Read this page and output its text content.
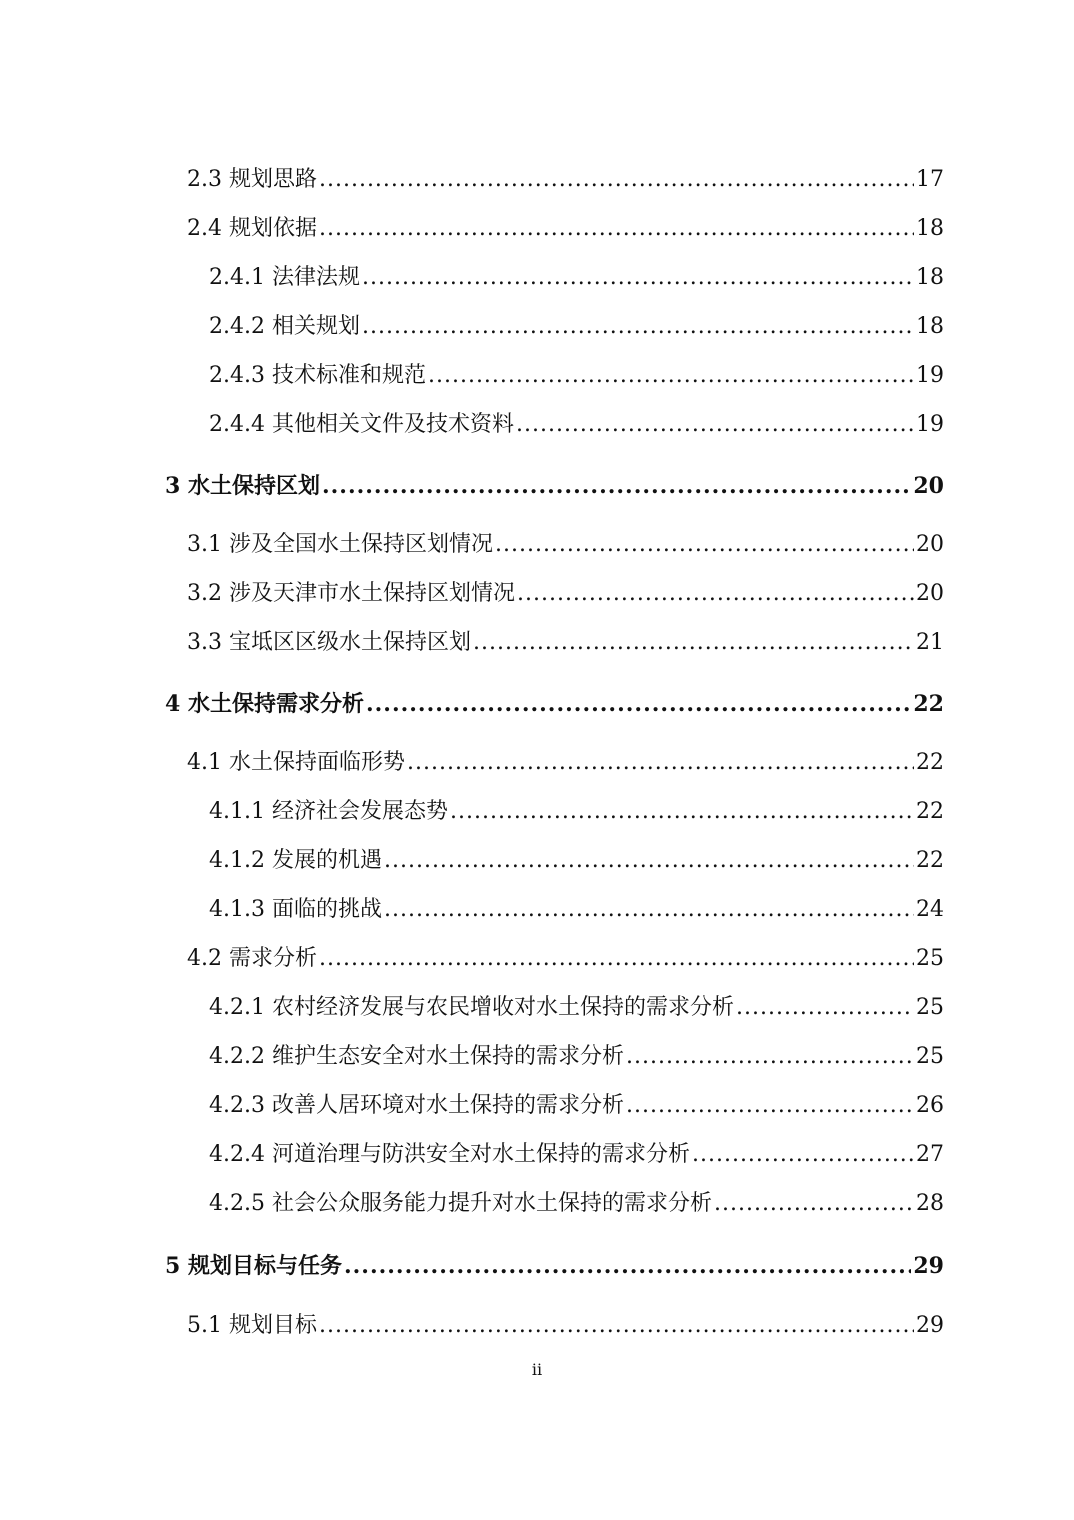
2.3 规划思路 .....	17
2.4 规划依据 .....	18
2.4.1 法律法规 .....	18
2.4.2 相关规划 .....	18
2.4.3 技术标准和规范 .....	19
2.4.4 其他相关文件及技术资料 .....	19
3 水土保持区划 .....	20
3.1 涉及全国水土保持区划情况 .....	20
3.2 涉及天津市水土保持区划情况 .....	20
3.3 宝坻区区级水土保持区划 .....	21
4 水土保持需求分析 .....	22
4.1 水土保持面临形势 .....	22
4.1.1 经济社会发展态势 .....	22
4.1.2 发展的机遇 .....	22
4.1.3 面临的挑战 .....	24
4.2 需求分析 .....	25
4.2.1 农村经济发展与农民增收对水土保持的需求分析 .....	25
4.2.2 维护生态安全对水土保持的需求分析 .....	25
4.2.3 改善人居环境对水土保持的需求分析 .....	26
4.2.4 河道治理与防洪安全对水土保持的需求分析 .....	27
4.2.5 社会公众服务能力提升对水土保持的需求分析 .....	28
5 规划目标与任务 .....	29
5.1 规划目标 .....	29
ii
